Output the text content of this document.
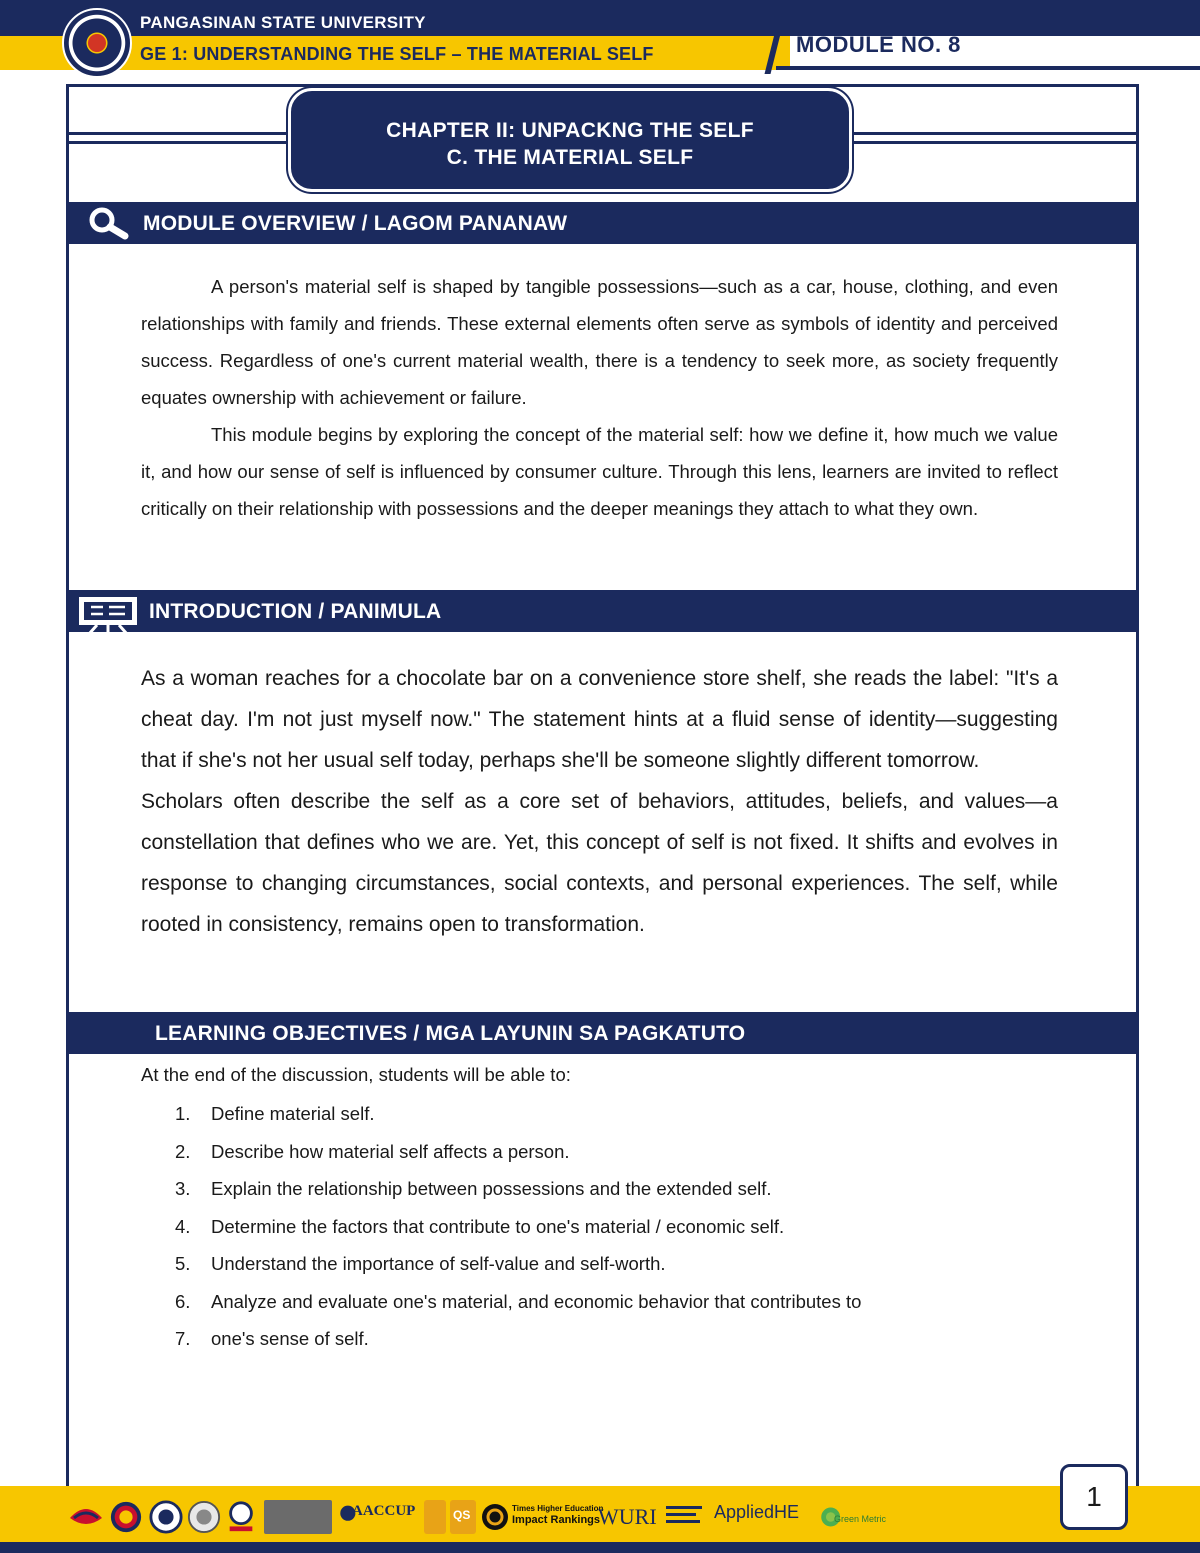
PANGASINAN STATE UNIVERSITY
GE 1: UNDERSTANDING THE SELF – THE MATERIAL SELF	MODULE NO. 8
CHAPTER II: UNPACKNG THE SELF
C. THE MATERIAL SELF
MODULE OVERVIEW / LAGOM PANANAW

A person's material self is shaped by tangible possessions—such as a car, house, clothing, and even relationships with family and friends. These external elements often serve as symbols of identity and perceived success. Regardless of one's current material wealth, there is a tendency to seek more, as society frequently equates ownership with achievement or failure.

This module begins by exploring the concept of the material self: how we define it, how much we value it, and how our sense of self is influenced by consumer culture. Through this lens, learners are invited to reflect critically on their relationship with possessions and the deeper meanings they attach to what they own.

INTRODUCTION / PANIMULA

As a woman reaches for a chocolate bar on a convenience store shelf, she reads the label: "It's a cheat day. I'm not just myself now." The statement hints at a fluid sense of identity—suggesting that if she's not her usual self today, perhaps she'll be someone slightly different tomorrow.

Scholars often describe the self as a core set of behaviors, attitudes, beliefs, and values—a constellation that defines who we are. Yet, this concept of self is not fixed. It shifts and evolves in response to changing circumstances, social contexts, and personal experiences. The self, while rooted in consistency, remains open to transformation.

LEARNING OBJECTIVES / MGA LAYUNIN SA PAGKATUTO
At the end of the discussion, students will be able to:
1.	Define material self.
2.	Describe how material self affects a person.
3.	Explain the relationship between possessions and the extended self.
4.	Determine the factors that contribute to one's material / economic self.
5.	Understand the importance of self-value and self-worth.
6.	Analyze and evaluate one's material, and economic behavior that contributes to
7.	one's sense of self.
AACCUP	QS	Times Higher Education
Impact Rankings
WURI	AppliedHE	Green Metric
1
